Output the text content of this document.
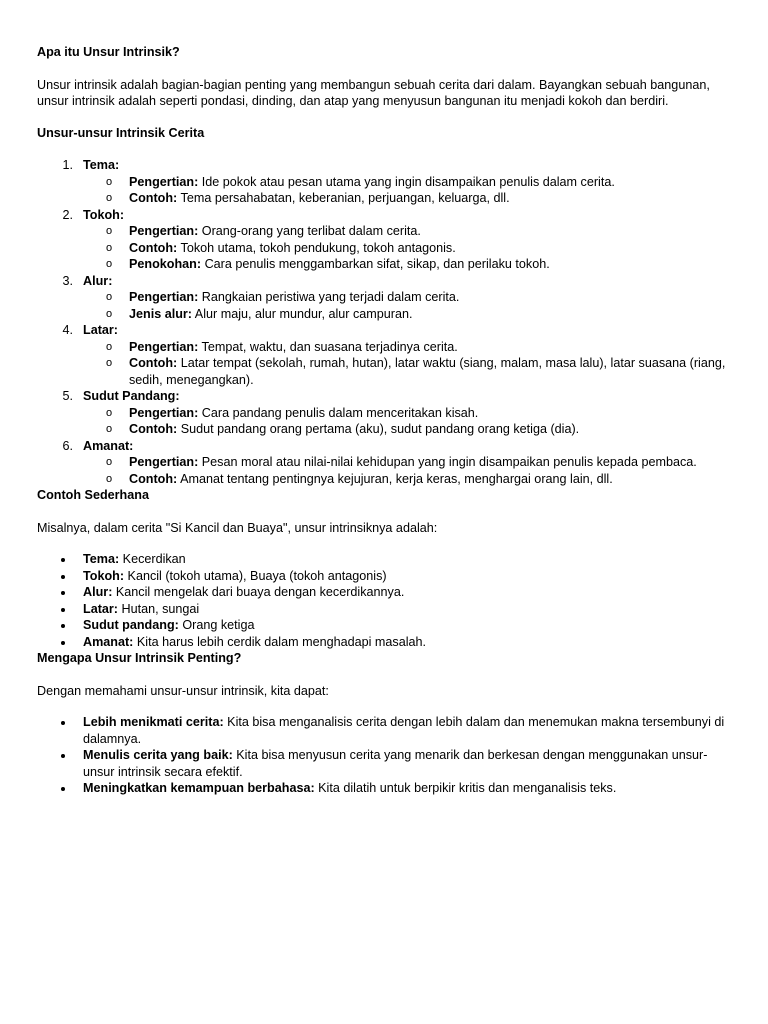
Apa itu Unsur Intrinsik?

Unsur intrinsik adalah bagian-bagian penting yang membangun sebuah cerita dari dalam. Bayangkan sebuah bangunan, unsur intrinsik adalah seperti pondasi, dinding, dan atap yang menyusun bangunan itu menjadi kokoh dan berdiri.

Unsur-unsur Intrinsik Cerita

1. Tema:
o Pengertian: Ide pokok atau pesan utama yang ingin disampaikan penulis dalam cerita.
o Contoh: Tema persahabatan, keberanian, perjuangan, keluarga, dll.
2. Tokoh:
o Pengertian: Orang-orang yang terlibat dalam cerita.
o Contoh: Tokoh utama, tokoh pendukung, tokoh antagonis.
o Penokohan: Cara penulis menggambarkan sifat, sikap, dan perilaku tokoh.
3. Alur:
o Pengertian: Rangkaian peristiwa yang terjadi dalam cerita.
o Jenis alur: Alur maju, alur mundur, alur campuran.
4. Latar:
o Pengertian: Tempat, waktu, dan suasana terjadinya cerita.
o Contoh: Latar tempat (sekolah, rumah, hutan), latar waktu (siang, malam, masa lalu), latar suasana (riang, sedih, menegangkan).
5. Sudut Pandang:
o Pengertian: Cara pandang penulis dalam menceritakan kisah.
o Contoh: Sudut pandang orang pertama (aku), sudut pandang orang ketiga (dia).
6. Amanat:
o Pengertian: Pesan moral atau nilai-nilai kehidupan yang ingin disampaikan penulis kepada pembaca.
o Contoh: Amanat tentang pentingnya kejujuran, kerja keras, menghargai orang lain, dll.

Contoh Sederhana

Misalnya, dalam cerita "Si Kancil dan Buaya", unsur intrinsiknya adalah:

Tema: Kecerdikan
Tokoh: Kancil (tokoh utama), Buaya (tokoh antagonis)
Alur: Kancil mengelak dari buaya dengan kecerdikannya.
Latar: Hutan, sungai
Sudut pandang: Orang ketiga
Amanat: Kita harus lebih cerdik dalam menghadapi masalah.

Mengapa Unsur Intrinsik Penting?

Dengan memahami unsur-unsur intrinsik, kita dapat:

Lebih menikmati cerita: Kita bisa menganalisis cerita dengan lebih dalam dan menemukan makna tersembunyi di dalamnya.
Menulis cerita yang baik: Kita bisa menyusun cerita yang menarik dan berkesan dengan menggunakan unsur-unsur intrinsik secara efektif.
Meningkatkan kemampuan berbahasa: Kita dilatih untuk berpikir kritis dan menganalisis teks.
